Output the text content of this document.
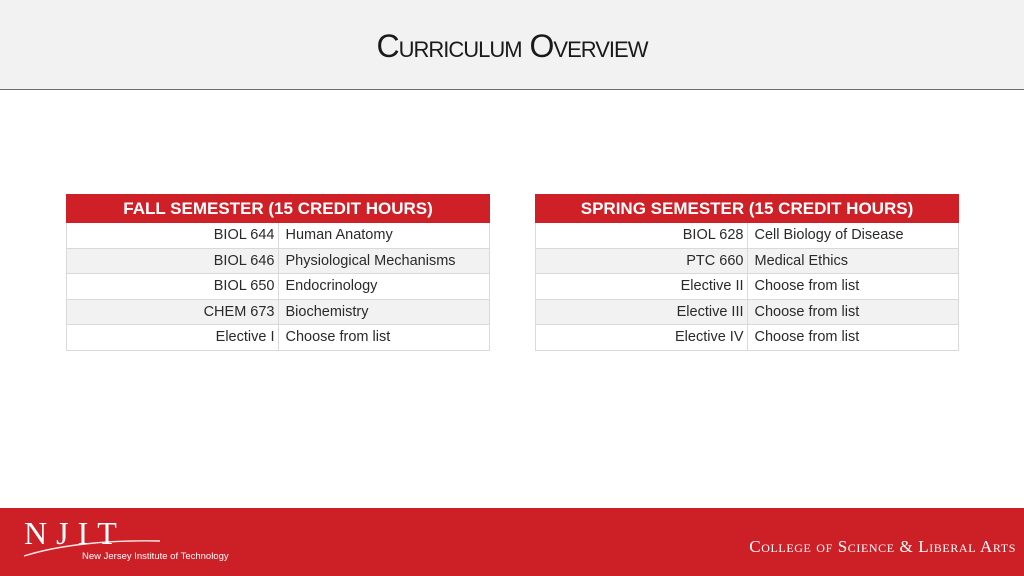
Curriculum Overview
FALL SEMESTER (15 CREDIT HOURS)	
BIOL 644	Human Anatomy
BIOL 646	Physiological Mechanisms
BIOL 650	Endocrinology
CHEM 673	Biochemistry
Elective I	Choose from list
SPRING SEMESTER (15 CREDIT HOURS)	
BIOL 628	Cell Biology of Disease
PTC 660	Medical Ethics
Elective II	Choose from list
Elective III	Choose from list
Elective IV	Choose from list
NJIT
New Jersey Institute of Technology
College of Science & Liberal Arts
